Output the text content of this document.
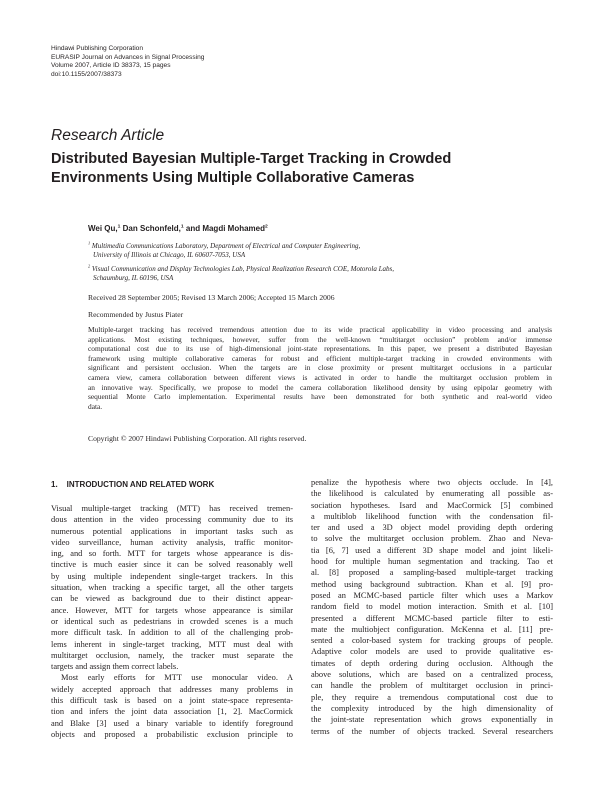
Hindawi Publishing Corporation
EURASIP Journal on Advances in Signal Processing
Volume 2007, Article ID 38373, 15 pages
doi:10.1155/2007/38373
Research Article
Distributed Bayesian Multiple-Target Tracking in Crowded
Environments Using Multiple Collaborative Cameras
Wei Qu,$^1$ Dan Schonfeld,$^1$ and Magdi Mohamed$^2$
$^1$ Multimedia Communications Laboratory, Department of Electrical and Computer Engineering,
University of Illinois at Chicago, IL 60607-7053, USA
$^2$ Visual Communication and Display Technologies Lab, Physical Realization Research COE, Motorola Labs,
Schaumburg, IL 60196, USA
Received 28 September 2005; Revised 13 March 2006; Accepted 15 March 2006
Recommended by Justus Piater
Multiple-target tracking has received tremendous attention due to its wide practical applicability in video processing and analysis
applications. Most existing techniques, however, suffer from the well-known “multitarget occlusion” problem and/or immense
computational cost due to its use of high-dimensional joint-state representations. In this paper, we present a distributed Bayesian
framework using multiple collaborative cameras for robust and efficient multiple-target tracking in crowded environments with
significant and persistent occlusion. When the targets are in close proximity or present multitarget occlusions in a particular
camera view, camera collaboration between different views is activated in order to handle the multitarget occlusion problem in
an innovative way. Specifically, we propose to model the camera collaboration likelihood density by using epipolar geometry with
sequential Monte Carlo implementation. Experimental results have been demonstrated for both synthetic and real-world video
data.
Copyright © 2007 Hindawi Publishing Corporation. All rights reserved.
1. INTRODUCTION AND RELATED WORK
Visual multiple-target tracking (MTT) has received tremen-
dous attention in the video processing community due to its
numerous potential applications in important tasks such as
video surveillance, human activity analysis, traffic monitor-
ing, and so forth. MTT for targets whose appearance is dis-
tinctive is much easier since it can be solved reasonably well
by using multiple independent single-target trackers. In this
situation, when tracking a specific target, all the other targets
can be viewed as background due to their distinct appear-
ance. However, MTT for targets whose appearance is similar
or identical such as pedestrians in crowded scenes is a much
more difficult task. In addition to all of the challenging prob-
lems inherent in single-target tracking, MTT must deal with
multitarget occlusion, namely, the tracker must separate the
targets and assign them correct labels.
Most early efforts for MTT use monocular video. A
widely accepted approach that addresses many problems in
this difficult task is based on a joint state-space representa-
tion and infers the joint data association [1, 2]. MacCormick
and Blake [3] used a binary variable to identify foreground
objects and proposed a probabilistic exclusion principle to
penalize the hypothesis where two objects occlude. In [4],
the likelihood is calculated by enumerating all possible as-
sociation hypotheses. Isard and MacCormick [5] combined
a multiblob likelihood function with the condensation fil-
ter and used a 3D object model providing depth ordering
to solve the multitarget occlusion problem. Zhao and Neva-
tia [6, 7] used a different 3D shape model and joint likeli-
hood for multiple human segmentation and tracking. Tao et
al. [8] proposed a sampling-based multiple-target tracking
method using background subtraction. Khan et al. [9] pro-
posed an MCMC-based particle filter which uses a Markov
random field to model motion interaction. Smith et al. [10]
presented a different MCMC-based particle filter to esti-
mate the multiobject configuration. McKenna et al. [11] pre-
sented a color-based system for tracking groups of people.
Adaptive color models are used to provide qualitative es-
timates of depth ordering during occlusion. Although the
above solutions, which are based on a centralized process,
can handle the problem of multitarget occlusion in princi-
ple, they require a tremendous computational cost due to
the complexity introduced by the high dimensionality of
the joint-state representation which grows exponentially in
terms of the number of objects tracked. Several researchers
